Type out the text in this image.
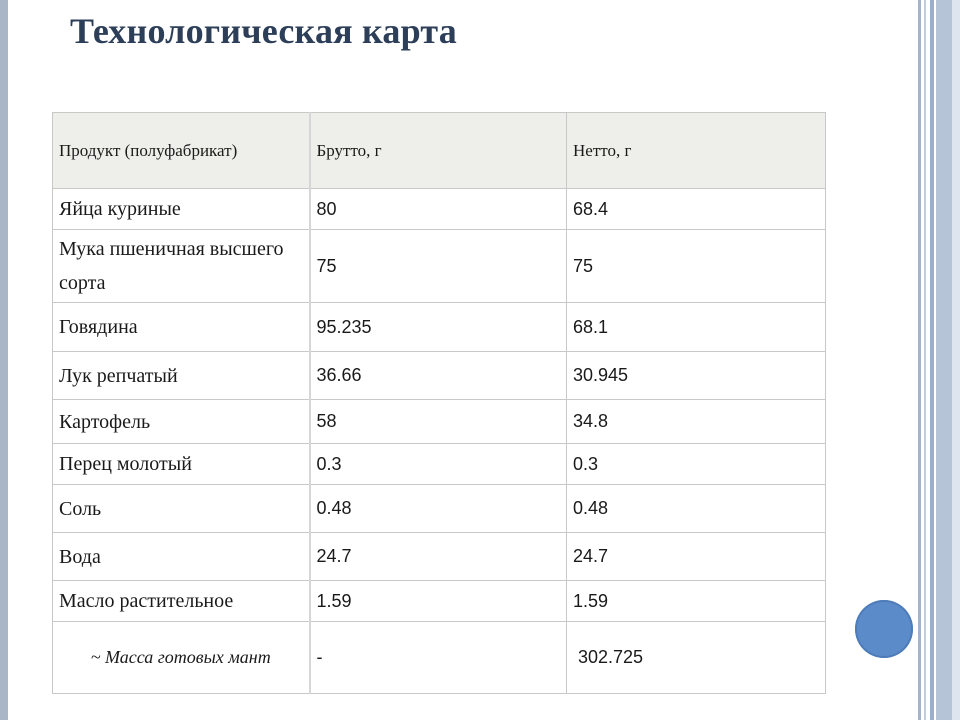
Технологическая карта
Продукт (полуфабрикат)	Брутто, г	Нетто, г
Яйца куриные	80	68.4
Мука пшеничная высшего сорта	75	75
Говядина	95.235	68.1
Лук репчатый	36.66	30.945
Картофель	58	34.8
Перец молотый	0.3	0.3
Соль	0.48	0.48
Вода	24.7	24.7
Масло растительное	1.59	1.59
~ Масса готовых мант	-	302.725
